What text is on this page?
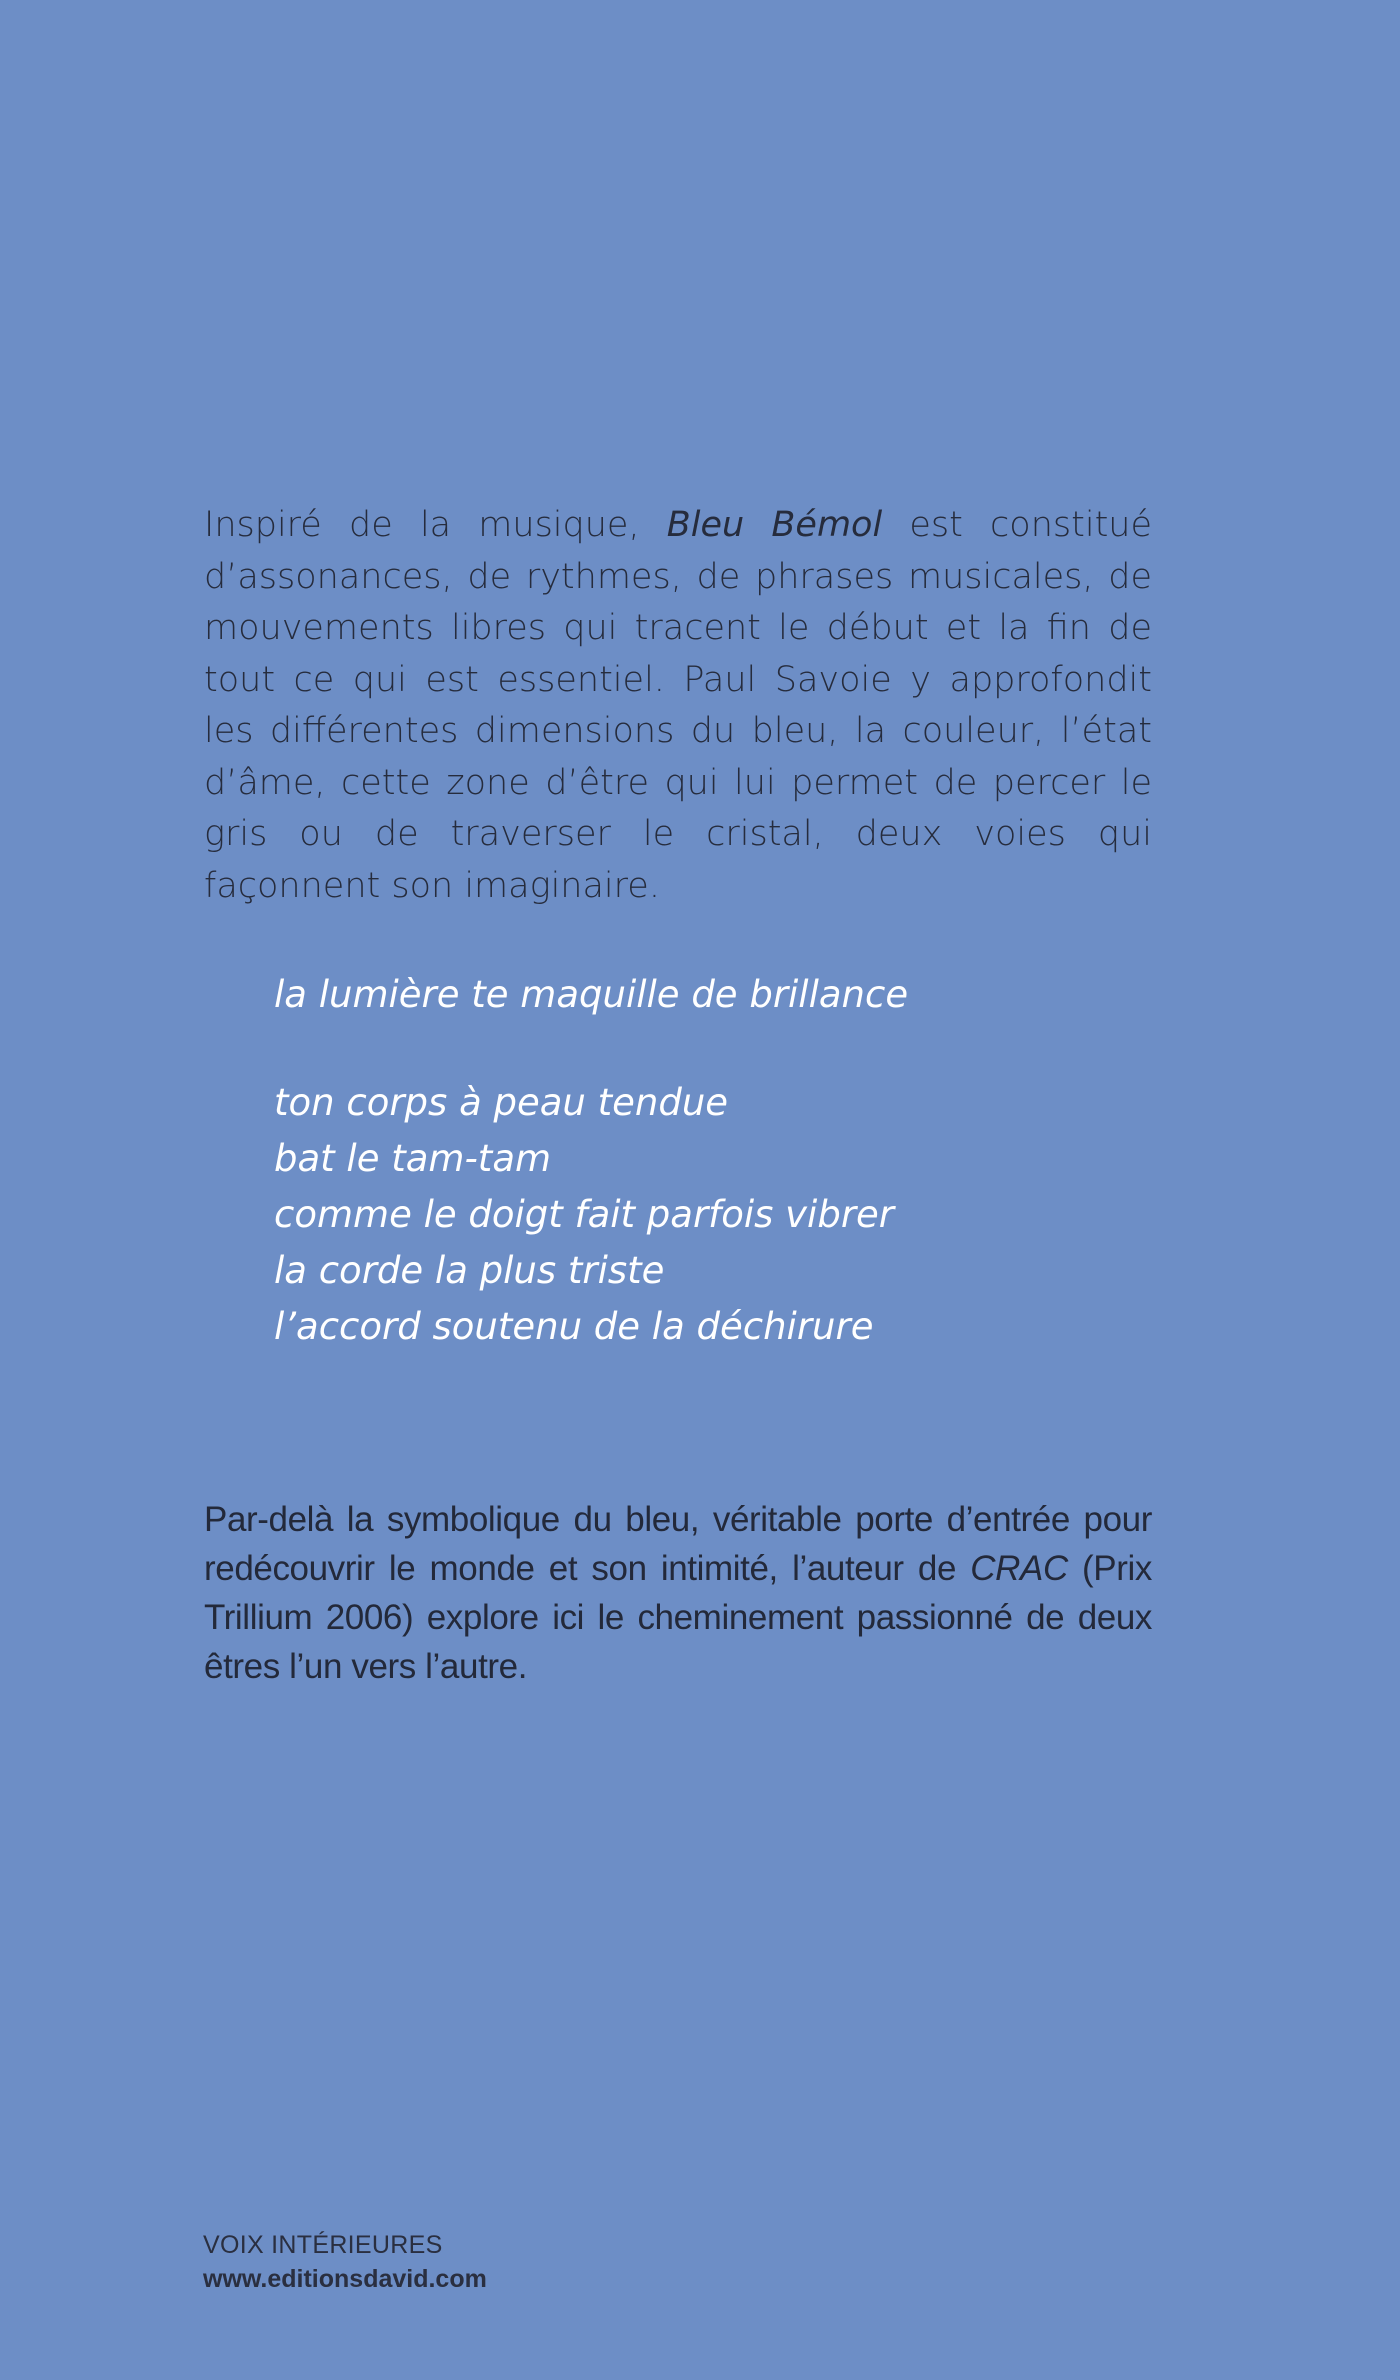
Inspiré de la musique, Bleu Bémol est constitué d’assonances, de rythmes, de phrases musicales, de mouvements libres qui tracent le début et la fin de tout ce qui est essentiel. Paul Savoie y approfondit les différentes dimensions du bleu, la couleur, l’état d’âme, cette zone d’être qui lui permet de percer le gris ou de traverser le cristal, deux voies qui façonnent son imaginaire.
la lumière te maquille de brillance
ton corps à peau tendue
bat le tam-tam
comme le doigt fait parfois vibrer
la corde la plus triste
l’accord soutenu de la déchirure
Par-delà la symbolique du bleu, véritable porte d’entrée pour redécouvrir le monde et son intimité, l’auteur de CRAC (Prix Trillium 2006) explore ici le cheminement passionné de deux êtres l’un vers l’autre.
VOIX INTÉRIEURES
www.editionsdavid.com
